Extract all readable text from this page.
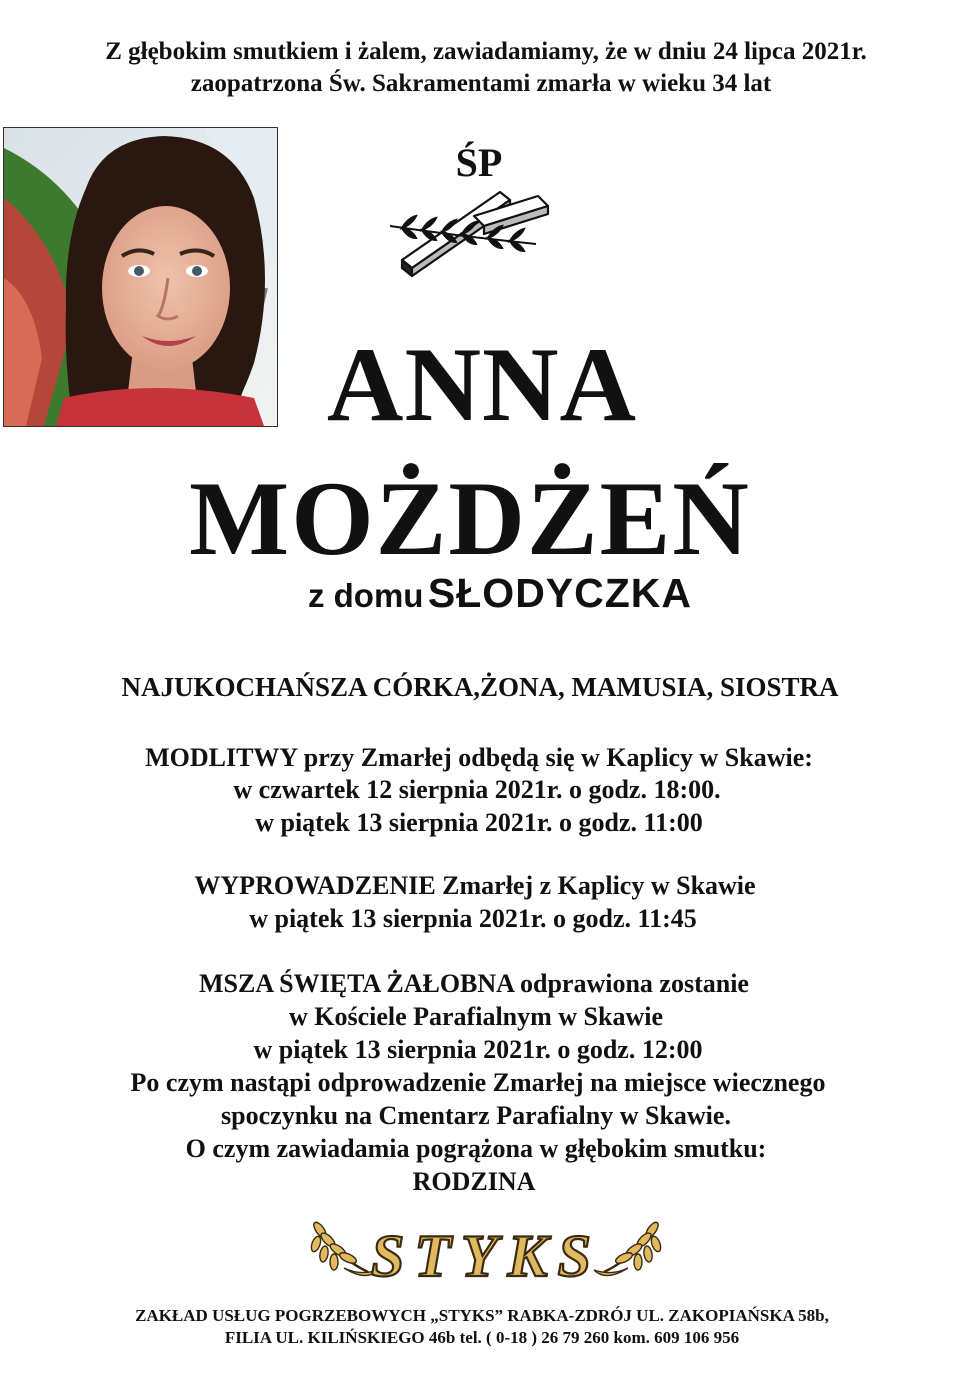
Z głębokim smutkiem i żalem, zawiadamiamy, że w dniu 24 lipca 2021r.
zaopatrzona Św. Sakramentami zmarła w wieku 34 lat
ŚP
ANNA
MOŻDŻEŃ
z domu SŁODYCZKA
NAJUKOCHAŃSZA CÓRKA,ŻONA, MAMUSIA, SIOSTRA
MODLITWY przy Zmarłej odbędą się w Kaplicy w Skawie:
w czwartek 12 sierpnia 2021r. o godz. 18:00.
w piątek 13 sierpnia 2021r. o godz. 11:00
WYPROWADZENIE Zmarłej z Kaplicy w Skawie
w piątek 13 sierpnia 2021r. o godz. 11:45
MSZA ŚWIĘTA ŻAŁOBNA odprawiona zostanie
w Kościele Parafialnym w Skawie
w piątek 13 sierpnia 2021r. o godz. 12:00
Po czym nastąpi odprowadzenie Zmarłej na miejsce wiecznego
spoczynku na Cmentarz Parafialny w Skawie.
O czym zawiadamia pogrążona w głębokim smutku:
RODZINA
STYKS
ZAKŁAD USŁUG POGRZEBOWYCH „STYKS” RABKA-ZDRÓJ UL. ZAKOPIAŃSKA 58b,
FILIA UL. KILIŃSKIEGO 46b tel. ( 0-18 ) 26 79 260 kom. 609 106 956
